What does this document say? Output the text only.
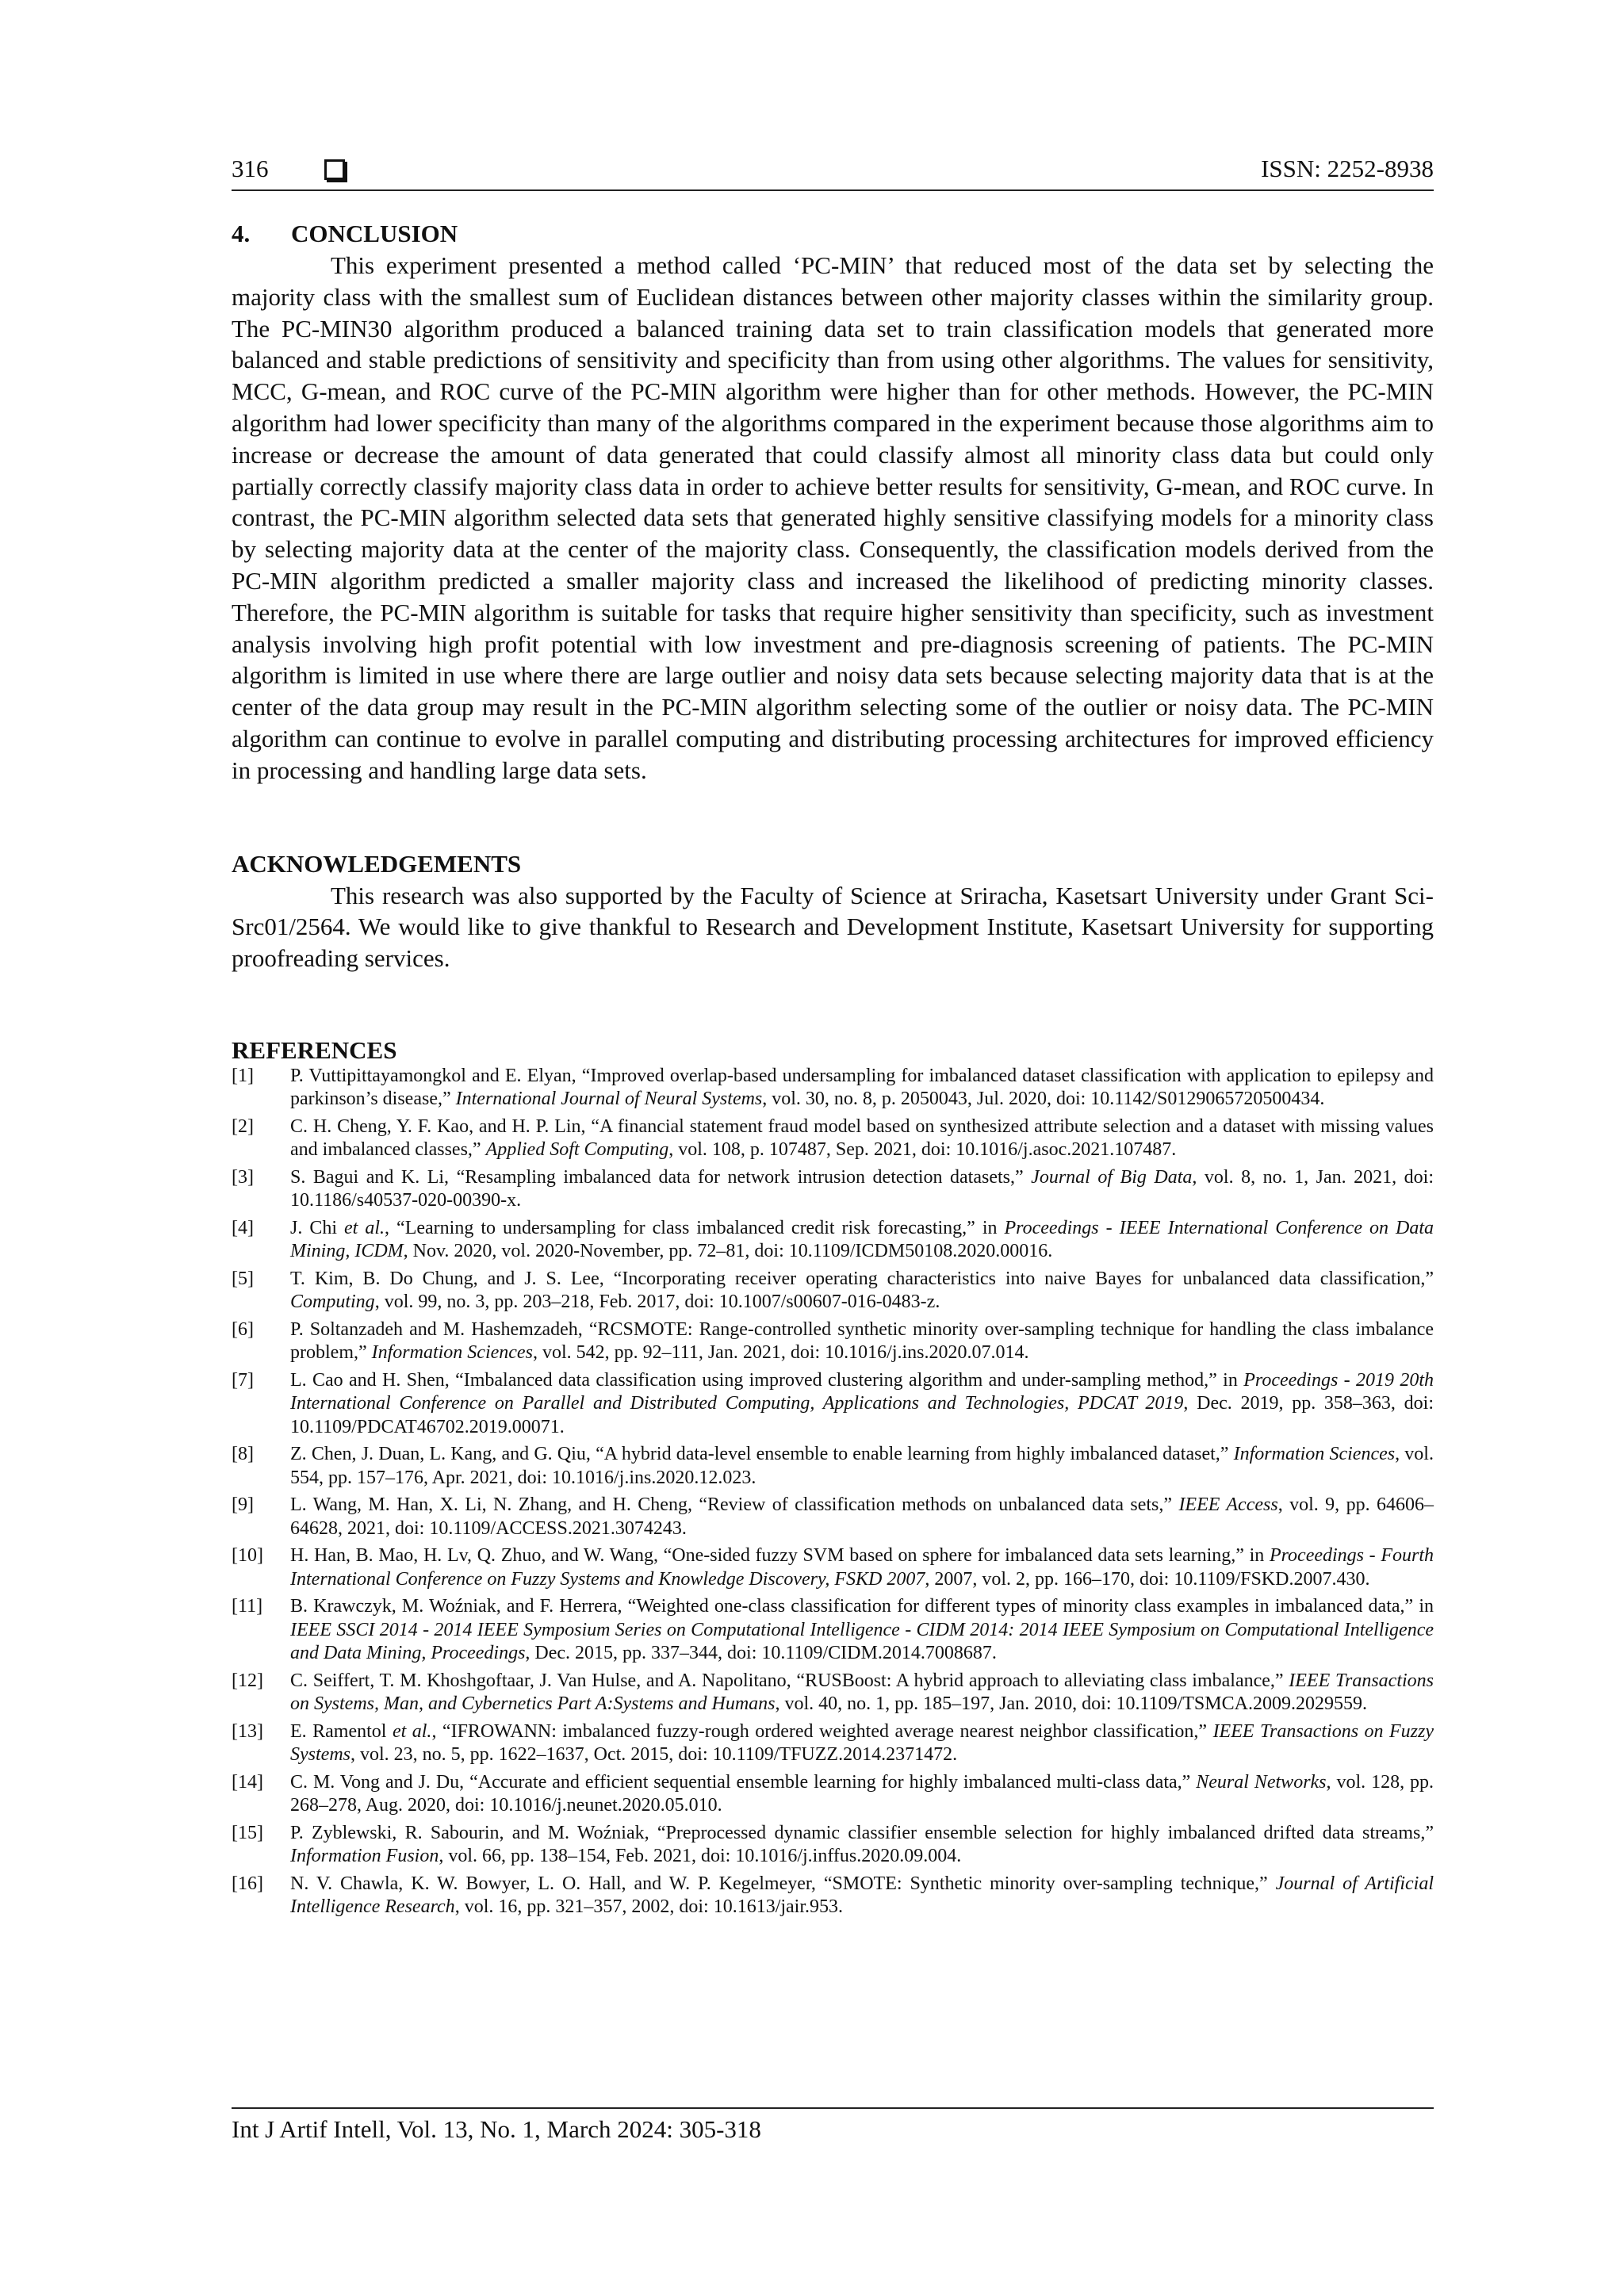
316	ISSN: 2252-8938
4. CONCLUSION

This experiment presented a method called ‘PC-MIN’ that reduced most of the data set by selecting the majority class with the smallest sum of Euclidean distances between other majority classes within the similarity group. The PC-MIN30 algorithm produced a balanced training data set to train classification models that generated more balanced and stable predictions of sensitivity and specificity than from using other algorithms. The values for sensitivity, MCC, G-mean, and ROC curve of the PC-MIN algorithm were higher than for other methods. However, the PC-MIN algorithm had lower specificity than many of the algorithms compared in the experiment because those algorithms aim to increase or decrease the amount of data generated that could classify almost all minority class data but could only partially correctly classify majority class data in order to achieve better results for sensitivity, G-mean, and ROC curve. In contrast, the PC-MIN algorithm selected data sets that generated highly sensitive classifying models for a minority class by selecting majority data at the center of the majority class. Consequently, the classification models derived from the PC-MIN algorithm predicted a smaller majority class and increased the likelihood of predicting minority classes. Therefore, the PC-MIN algorithm is suitable for tasks that require higher sensitivity than specificity, such as investment analysis involving high profit potential with low investment and pre-diagnosis screening of patients. The PC-MIN algorithm is limited in use where there are large outlier and noisy data sets because selecting majority data that is at the center of the data group may result in the PC-MIN algorithm selecting some of the outlier or noisy data. The PC-MIN algorithm can continue to evolve in parallel computing and distributing processing architectures for improved efficiency in processing and handling large data sets.

ACKNOWLEDGEMENTS

This research was also supported by the Faculty of Science at Sriracha, Kasetsart University under Grant Sci-Src01/2564. We would like to give thankful to Research and Development Institute, Kasetsart University for supporting proofreading services.

REFERENCES
[1]	P. Vuttipittayamongkol and E. Elyan, “Improved overlap-based undersampling for imbalanced dataset classification with application to epilepsy and parkinson’s disease,” International Journal of Neural Systems, vol. 30, no. 8, p. 2050043, Jul. 2020, doi: 10.1142/S0129065720500434.
[2]	C. H. Cheng, Y. F. Kao, and H. P. Lin, “A financial statement fraud model based on synthesized attribute selection and a dataset with missing values and imbalanced classes,” Applied Soft Computing, vol. 108, p. 107487, Sep. 2021, doi: 10.1016/j.asoc.2021.107487.
[3]	S. Bagui and K. Li, “Resampling imbalanced data for network intrusion detection datasets,” Journal of Big Data, vol. 8, no. 1, Jan. 2021, doi: 10.1186/s40537-020-00390-x.
[4]	J. Chi et al., “Learning to undersampling for class imbalanced credit risk forecasting,” in Proceedings - IEEE International Conference on Data Mining, ICDM, Nov. 2020, vol. 2020-November, pp. 72–81, doi: 10.1109/ICDM50108.2020.00016.
[5]	T. Kim, B. Do Chung, and J. S. Lee, “Incorporating receiver operating characteristics into naive Bayes for unbalanced data classification,” Computing, vol. 99, no. 3, pp. 203–218, Feb. 2017, doi: 10.1007/s00607-016-0483-z.
[6]	P. Soltanzadeh and M. Hashemzadeh, “RCSMOTE: Range-controlled synthetic minority over-sampling technique for handling the class imbalance problem,” Information Sciences, vol. 542, pp. 92–111, Jan. 2021, doi: 10.1016/j.ins.2020.07.014.
[7]	L. Cao and H. Shen, “Imbalanced data classification using improved clustering algorithm and under-sampling method,” in Proceedings - 2019 20th International Conference on Parallel and Distributed Computing, Applications and Technologies, PDCAT 2019, Dec. 2019, pp. 358–363, doi: 10.1109/PDCAT46702.2019.00071.
[8]	Z. Chen, J. Duan, L. Kang, and G. Qiu, “A hybrid data-level ensemble to enable learning from highly imbalanced dataset,” Information Sciences, vol. 554, pp. 157–176, Apr. 2021, doi: 10.1016/j.ins.2020.12.023.
[9]	L. Wang, M. Han, X. Li, N. Zhang, and H. Cheng, “Review of classification methods on unbalanced data sets,” IEEE Access, vol. 9, pp. 64606–64628, 2021, doi: 10.1109/ACCESS.2021.3074243.
[10]	H. Han, B. Mao, H. Lv, Q. Zhuo, and W. Wang, “One-sided fuzzy SVM based on sphere for imbalanced data sets learning,” in Proceedings - Fourth International Conference on Fuzzy Systems and Knowledge Discovery, FSKD 2007, 2007, vol. 2, pp. 166–170, doi: 10.1109/FSKD.2007.430.
[11]	B. Krawczyk, M. Woźniak, and F. Herrera, “Weighted one-class classification for different types of minority class examples in imbalanced data,” in IEEE SSCI 2014 - 2014 IEEE Symposium Series on Computational Intelligence - CIDM 2014: 2014 IEEE Symposium on Computational Intelligence and Data Mining, Proceedings, Dec. 2015, pp. 337–344, doi: 10.1109/CIDM.2014.7008687.
[12]	C. Seiffert, T. M. Khoshgoftaar, J. Van Hulse, and A. Napolitano, “RUSBoost: A hybrid approach to alleviating class imbalance,” IEEE Transactions on Systems, Man, and Cybernetics Part A:Systems and Humans, vol. 40, no. 1, pp. 185–197, Jan. 2010, doi: 10.1109/TSMCA.2009.2029559.
[13]	E. Ramentol et al., “IFROWANN: imbalanced fuzzy-rough ordered weighted average nearest neighbor classification,” IEEE Transactions on Fuzzy Systems, vol. 23, no. 5, pp. 1622–1637, Oct. 2015, doi: 10.1109/TFUZZ.2014.2371472.
[14]	C. M. Vong and J. Du, “Accurate and efficient sequential ensemble learning for highly imbalanced multi-class data,” Neural Networks, vol. 128, pp. 268–278, Aug. 2020, doi: 10.1016/j.neunet.2020.05.010.
[15]	P. Zyblewski, R. Sabourin, and M. Woźniak, “Preprocessed dynamic classifier ensemble selection for highly imbalanced drifted data streams,” Information Fusion, vol. 66, pp. 138–154, Feb. 2021, doi: 10.1016/j.inffus.2020.09.004.
[16]	N. V. Chawla, K. W. Bowyer, L. O. Hall, and W. P. Kegelmeyer, “SMOTE: Synthetic minority over-sampling technique,” Journal of Artificial Intelligence Research, vol. 16, pp. 321–357, 2002, doi: 10.1613/jair.953.
Int J Artif Intell, Vol. 13, No. 1, March 2024: 305-318
